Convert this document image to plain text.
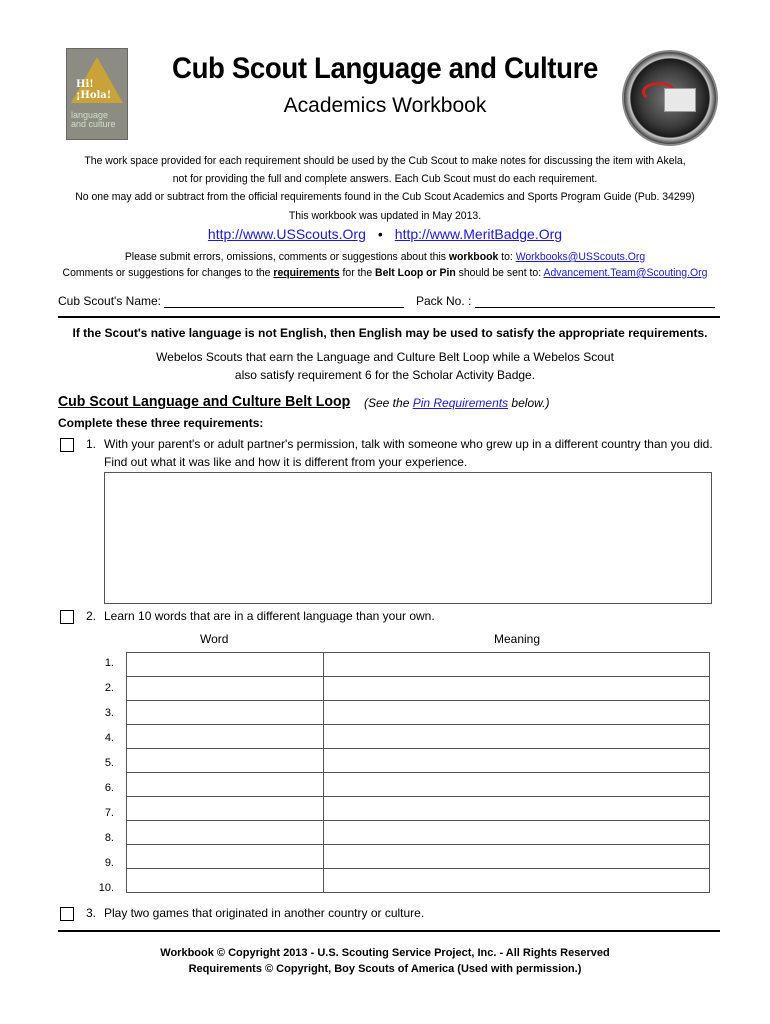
Hi!
¡Hola!
language
and culture
Cub Scout Language and Culture
Academics Workbook
The work space provided for each requirement should be used by the Cub Scout to make notes for discussing the item with Akela,
not for providing the full and complete answers. Each Cub Scout must do each requirement.
No one may add or subtract from the official requirements found in the Cub Scout Academics and Sports Program Guide (Pub. 34299)
This workbook was updated in May 2013.
http://www.USScouts.Org • http://www.MeritBadge.Org
Please submit errors, omissions, comments or suggestions about this workbook to: Workbooks@USScouts.Org
Comments or suggestions for changes to the requirements for the Belt Loop or Pin should be sent to: Advancement.Team@Scouting.Org
Cub Scout's Name:	Pack No. :
If the Scout's native language is not English, then English may be used to satisfy the appropriate requirements.
Webelos Scouts that earn the Language and Culture Belt Loop while a Webelos Scout
also satisfy requirement 6 for the Scholar Activity Badge.
Cub Scout Language and Culture Belt Loop (See the Pin Requirements below.)
Complete these three requirements:
1. With your parent's or adult partner's permission, talk with someone who grew up in a different country than you did. Find out what it was like and how it is different from your experience.
2. Learn 10 words that are in a different language than your own.
Word	Meaning
1.
2.
3.
4.
5.
6.
7.
8.
9.
10.

3. Play two games that originated in another country or culture.
Workbook © Copyright 2013 - U.S. Scouting Service Project, Inc. - All Rights Reserved
Requirements © Copyright, Boy Scouts of America (Used with permission.)
